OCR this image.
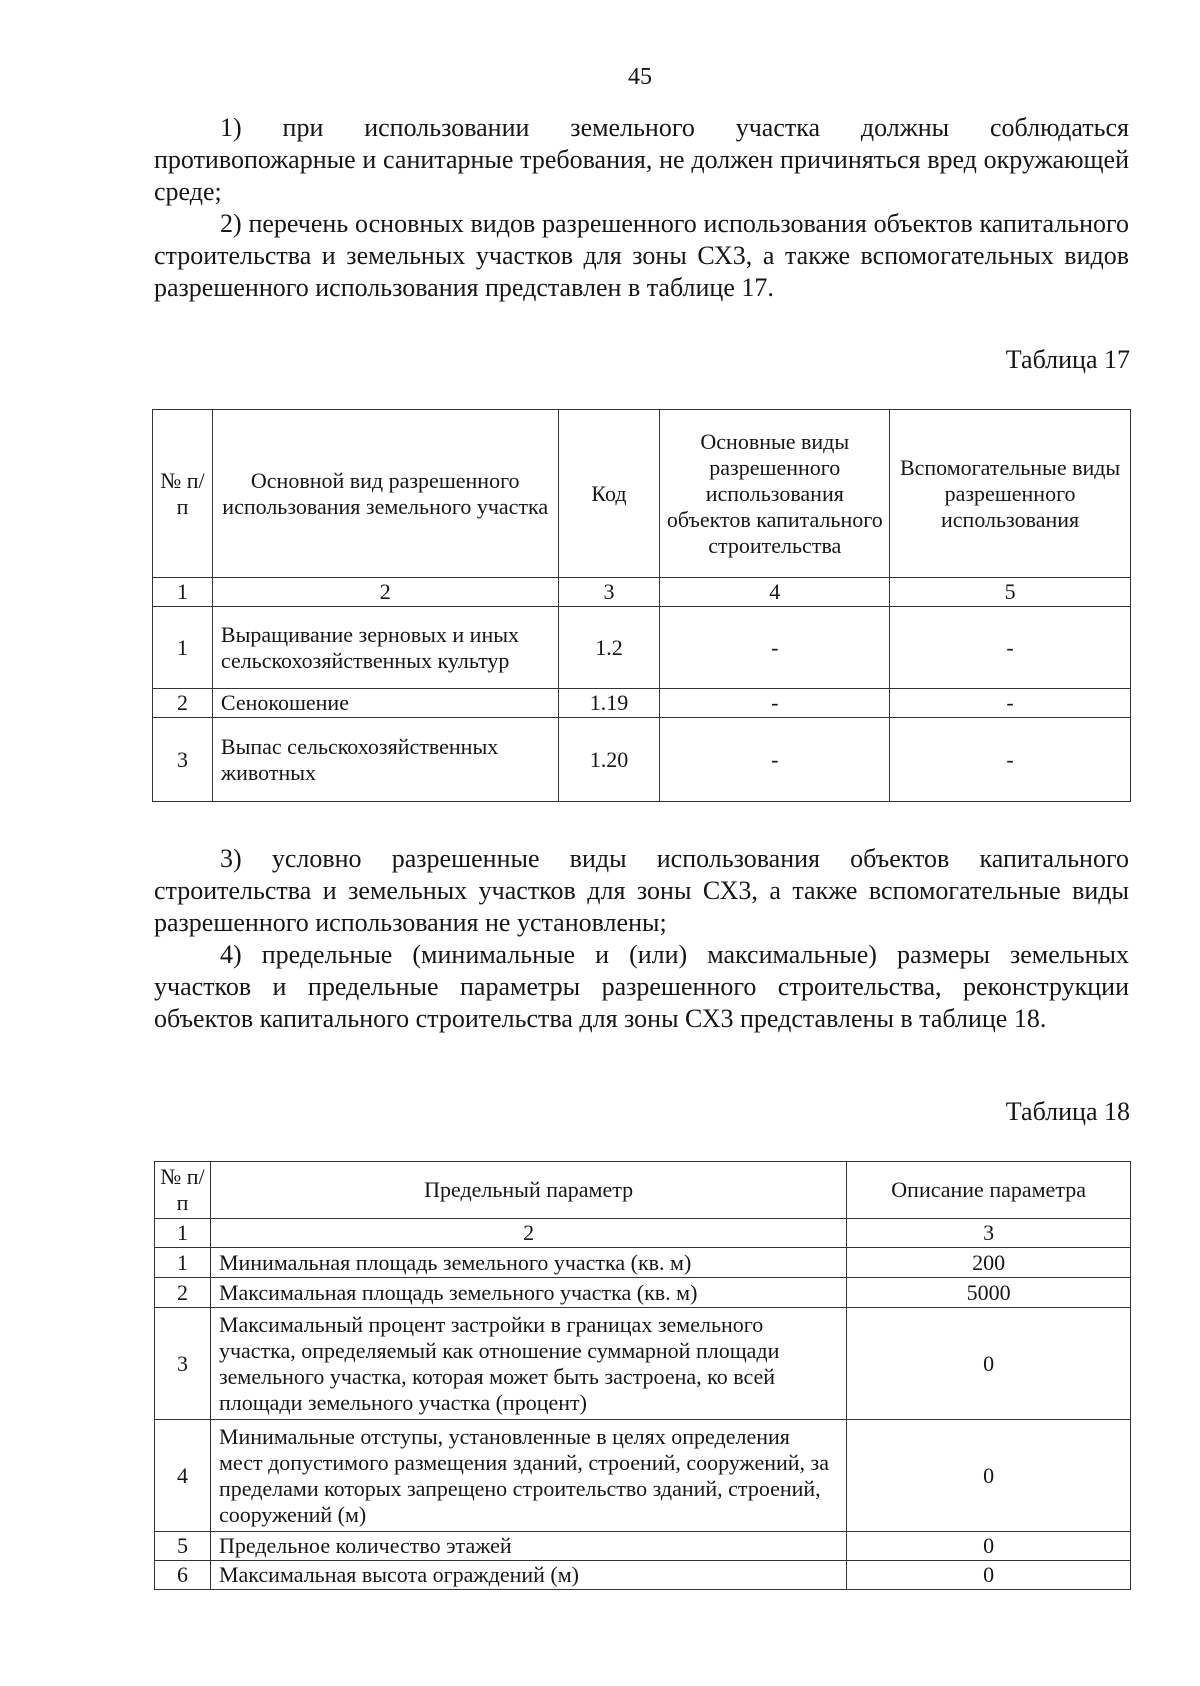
45

1) при использовании земельного участка должны соблюдаться противопожарные и санитарные требования, не должен причиняться вред окружающей среде;

2) перечень основных видов разрешенного использования объектов капитального строительства и земельных участков для зоны СХ3, а также вспомогательных видов разрешенного использования представлен в таблице 17.

Таблица 17
№ п/п	Основной вид разрешенного использования земельного участка	Код	Основные виды разрешенного использования объектов капитального строительства	Вспомогательные виды разрешенного использования
1	2	3	4	5
1	Выращивание зерновых и иных сельскохозяйственных культур	1.2	-	-
2	Сенокошение	1.19	-	-
3	Выпас сельскохозяйственных животных	1.20	-	-

3) условно разрешенные виды использования объектов капитального строительства и земельных участков для зоны СХ3, а также вспомогательные виды разрешенного использования не установлены;

4) предельные (минимальные и (или) максимальные) размеры земельных участков и предельные параметры разрешенного строительства, реконструкции объектов капитального строительства для зоны СХ3 представлены в таблице 18.

Таблица 18
№ п/п	Предельный параметр	Описание параметра
1	2	3
1	Минимальная площадь земельного участка (кв. м)	200
2	Максимальная площадь земельного участка (кв. м)	5000
3	Максимальный процент застройки в границах земельного участка, определяемый как отношение суммарной площади земельного участка, которая может быть застроена, ко всей площади земельного участка (процент)	0
4	Минимальные отступы, установленные в целях определения мест допустимого размещения зданий, строений, сооружений, за пределами которых запрещено строительство зданий, строений, сооружений (м)	0
5	Предельное количество этажей	0
6	Максимальная высота ограждений (м)	0
